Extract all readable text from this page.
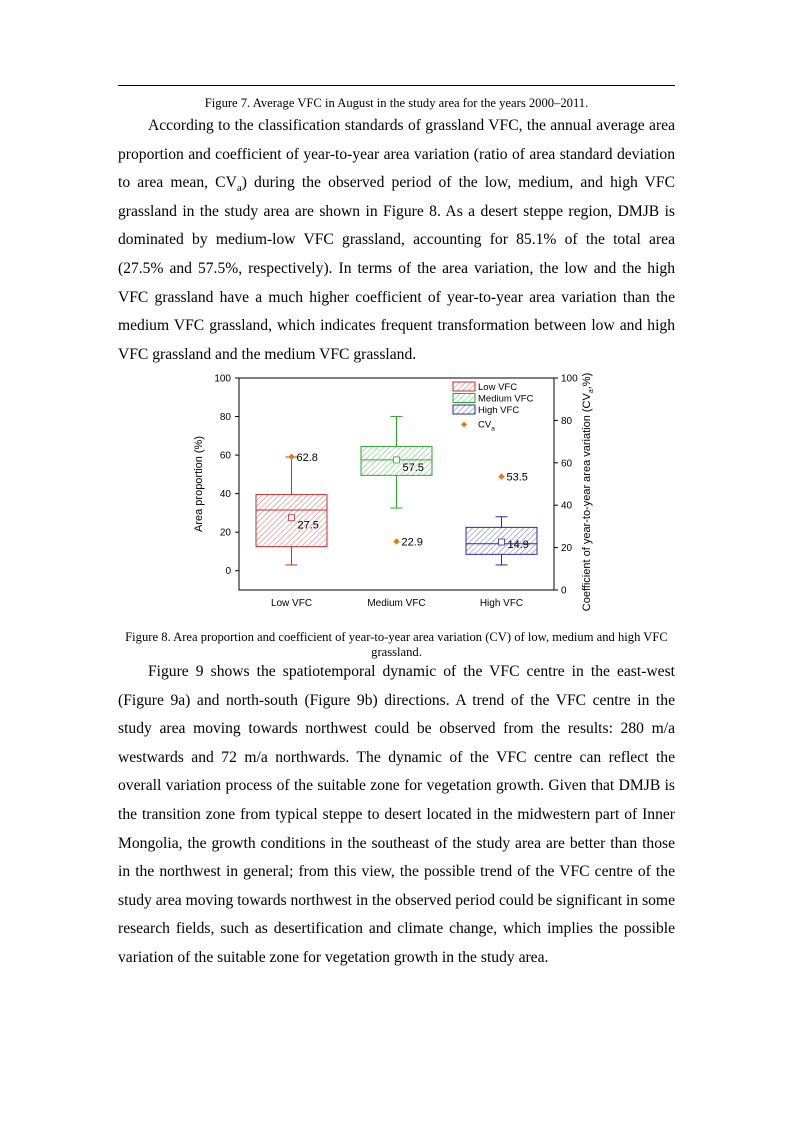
Figure 7. Average VFC in August in the study area for the years 2000–2011.

According to the classification standards of grassland VFC, the annual average area proportion and coefficient of year-to-year area variation (ratio of area standard deviation to area mean, $CV_a$) during the observed period of the low, medium, and high VFC grassland in the study area are shown in Figure 8. As a desert steppe region, DMJB is dominated by medium-low VFC grassland, accounting for 85.1% of the total area (27.5% and 57.5%, respectively). In terms of the area variation, the low and the high VFC grassland have a much higher coefficient of year-to-year area variation than the medium VFC grassland, which indicates frequent transformation between low and high VFC grassland and the medium VFC grassland.

0
20
40
60
80
100
0
20
40
60
80
100
Low VFC	Medium VFC	High VFC
Area proportion (%)	Coefficient of year-to-year area variation $(CV_a,\%)$
27.5
57.5
14.9
62.8
22.9
53.5
Low VFC
Medium VFC
High VFC
$CV_a$
Figure 8. Area proportion and coefficient of year-to-year area variation (CV) of low, medium and high VFC grassland.

Figure 9 shows the spatiotemporal dynamic of the VFC centre in the east-west (Figure 9a) and north-south (Figure 9b) directions. A trend of the VFC centre in the study area moving towards northwest could be observed from the results: 280 m/a westwards and 72 m/a northwards. The dynamic of the VFC centre can reflect the overall variation process of the suitable zone for vegetation growth. Given that DMJB is the transition zone from typical steppe to desert located in the midwestern part of Inner Mongolia, the growth conditions in the southeast of the study area are better than those in the northwest in general; from this view, the possible trend of the VFC centre of the study area moving towards northwest in the observed period could be significant in some research fields, such as desertification and climate change, which implies the possible variation of the suitable zone for vegetation growth in the study area.
